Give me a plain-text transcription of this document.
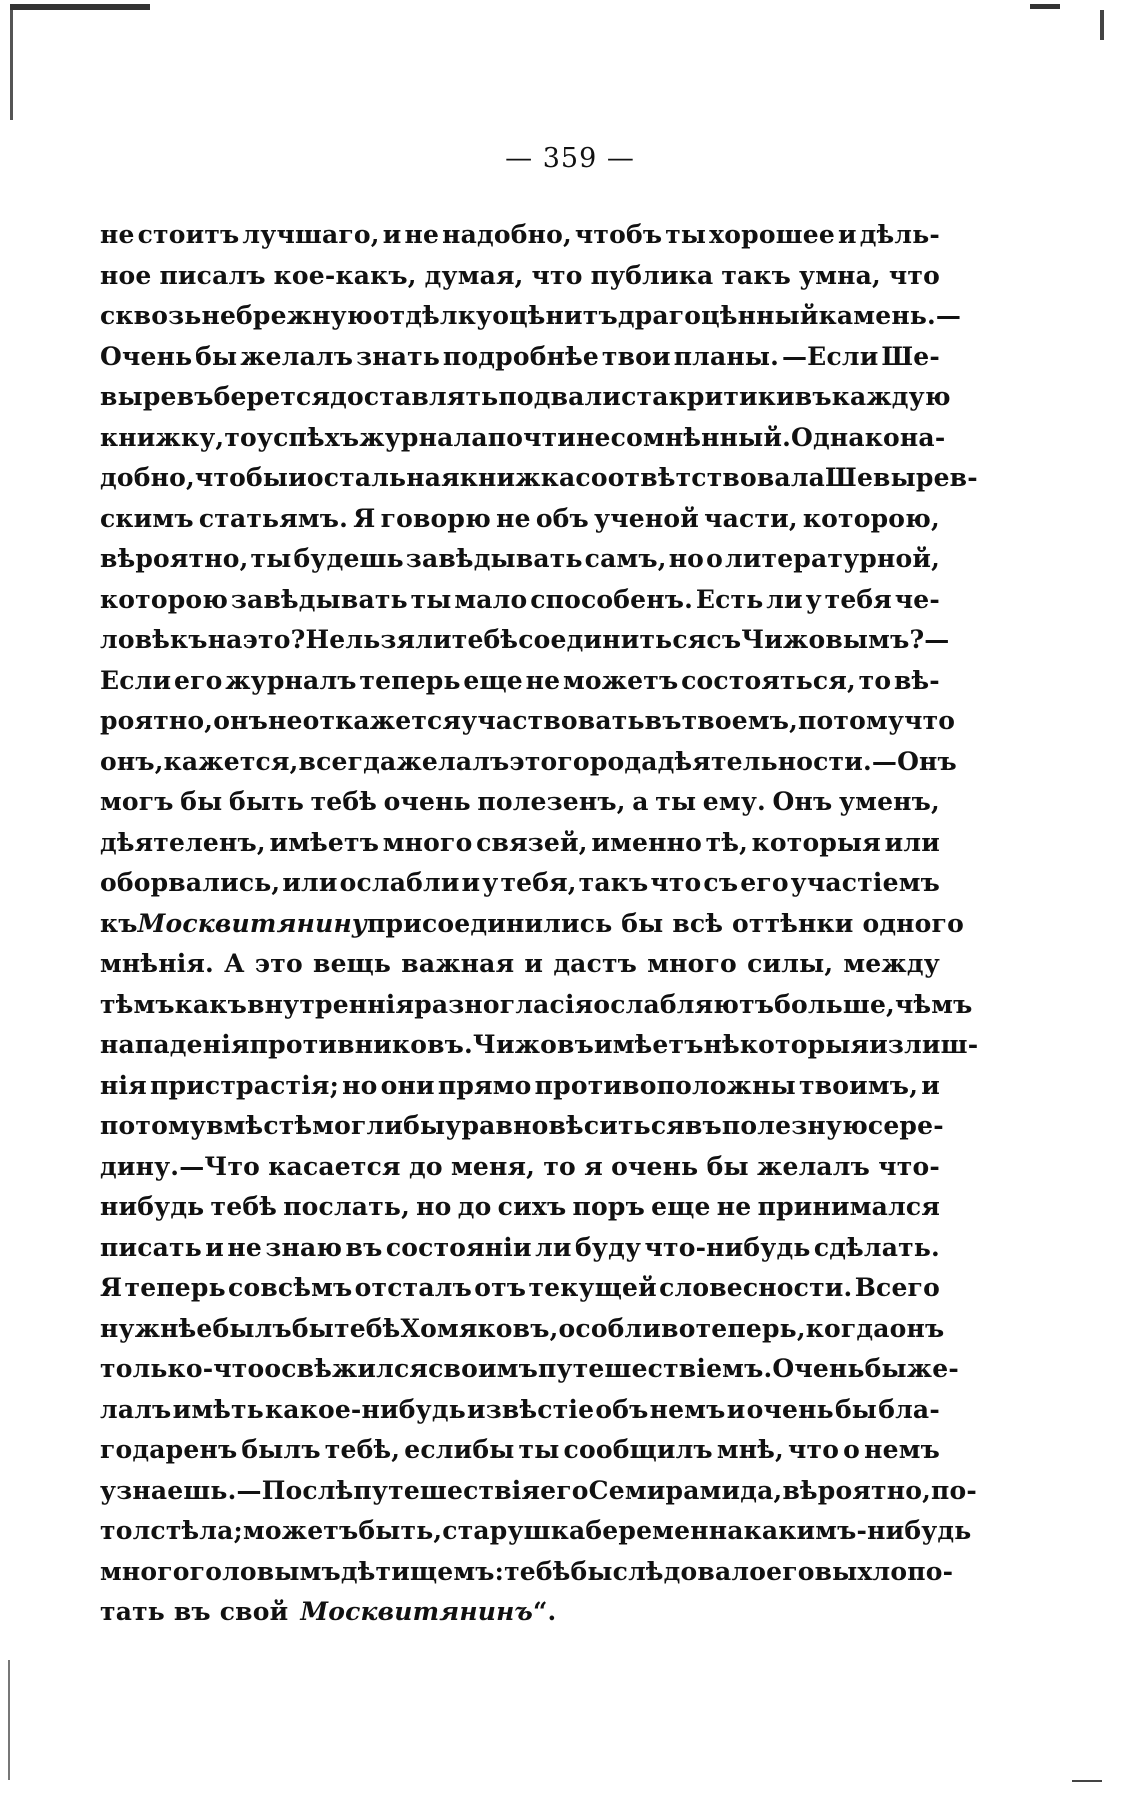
— 359 —
не стоитъ лучшаго, и не надобно, чтобъ ты хорошее и дѣль-
ное писалъ кое-какъ, думая, что публика такъ умна, что
сквозь небрежную отдѣлку оцѣнитъ драгоцѣнный камень. —
Очень бы желалъ знать подробнѣе твои планы. —Если Ше-
выревъ берется доставлять по два листа критики въ каждую
книжку, то успѣхъ журнала почти несомнѣнный. Однако на-
добно, чтобы и остальная книжка соотвѣтствовала Шевырев-
скимъ статьямъ. Я говорю не объ ученой части, которою,
вѣроятно, ты будешь завѣдывать самъ, но о литературной,
которою завѣдывать ты мало способенъ. Есть ли у тебя че-
ловѣкъ на это? Нельзя ли тебѣ соединиться съ Чижовымъ?—
Если его журналъ теперь еще не можетъ состояться, то вѣ-
роятно, онъ не откажется участвовать въ твоемъ, потому что
онъ, кажется, всегда желалъ этого рода дѣятельности.—Онъ
могъ бы быть тебѣ очень полезенъ, а ты ему. Онъ уменъ,
дѣятеленъ, имѣетъ много связей, именно тѣ, которыя или
оборвались, или ослабли и у тебя, такъ что съ его участіемъ
къ Москвитянину присоединились бы всѣ оттѣнки одного
мнѣнія. А это вещь важная и дастъ много силы, между
тѣмъ какъ внутреннія разногласія ослабляютъ больше, чѣмъ
нападенія противниковъ. Чижовъ имѣетъ нѣкоторыя излиш-
нія пристрастія; но они прямо противоположны твоимъ, и
потому вмѣстѣ могли бы уравновѣситься въ полезную сере-
дину.—Что касается до меня, то я очень бы желалъ что-
нибудь тебѣ послать, но до сихъ поръ еще не принимался
писать и не знаю въ состояніи ли буду что-нибудь сдѣлать.
Я теперь совсѣмъ отсталъ отъ текущей словесности. Всего
нужнѣе былъ бы тебѣ Хомяковъ, особливо теперь, когда онъ
только-что освѣжился своимъ путешествіемъ. Очень бы же-
лалъ имѣть какое-нибудь извѣстіе объ немъ и очень бы бла-
годаренъ былъ тебѣ, еслибы ты сообщилъ мнѣ, что о немъ
узнаешь.—Послѣ путешествія его Семирамида, вѣроятно, по-
толстѣла; можетъ быть, старушка беременна какимъ-нибудь
многоголовымъ дѣтищемъ: тебѣ бы слѣдовало его выхлопо-
тать въ свой Москвитянинъ“.
